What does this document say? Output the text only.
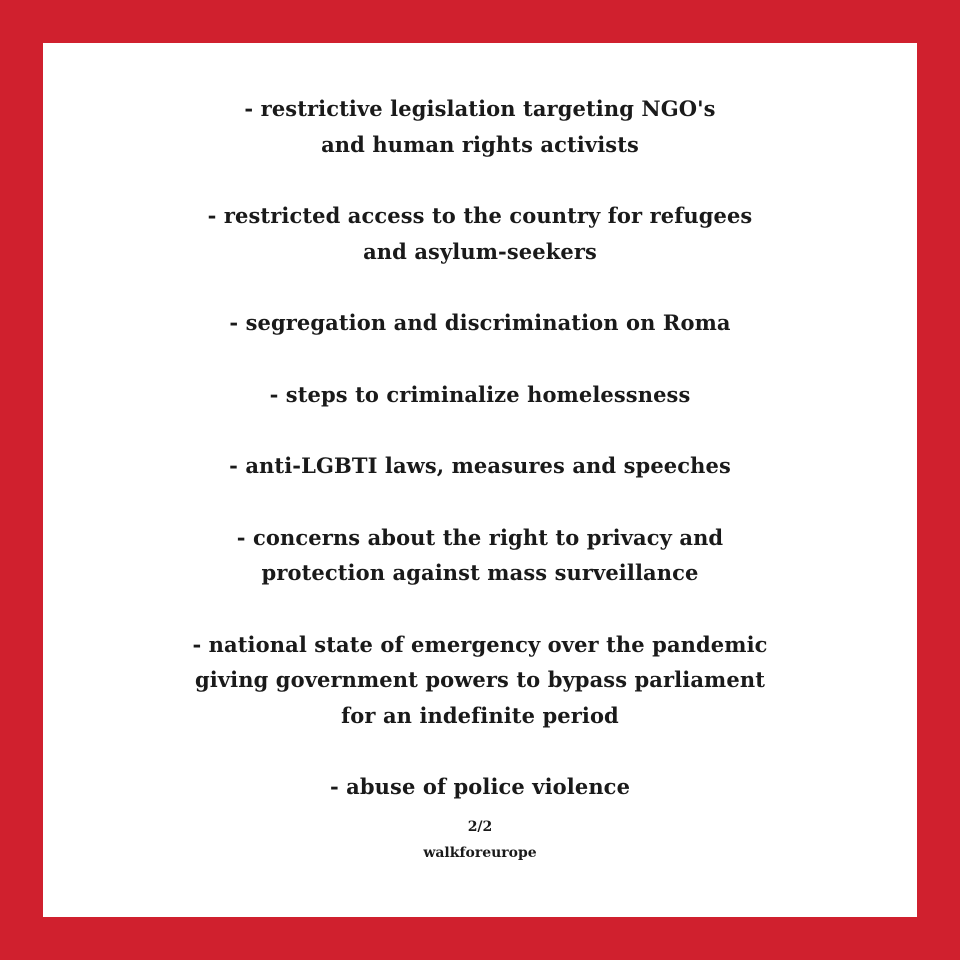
- restrictive legislation targeting NGO's
and human rights activists
- restricted access to the country for refugees
and asylum-seekers
- segregation and discrimination on Roma
- steps to criminalize homelessness
- anti-LGBTI laws, measures and speeches
- concerns about the right to privacy and
protection against mass surveillance
- national state of emergency over the pandemic
giving government powers to bypass parliament
for an indefinite period
- abuse of police violence
2/2
walkforeurope
